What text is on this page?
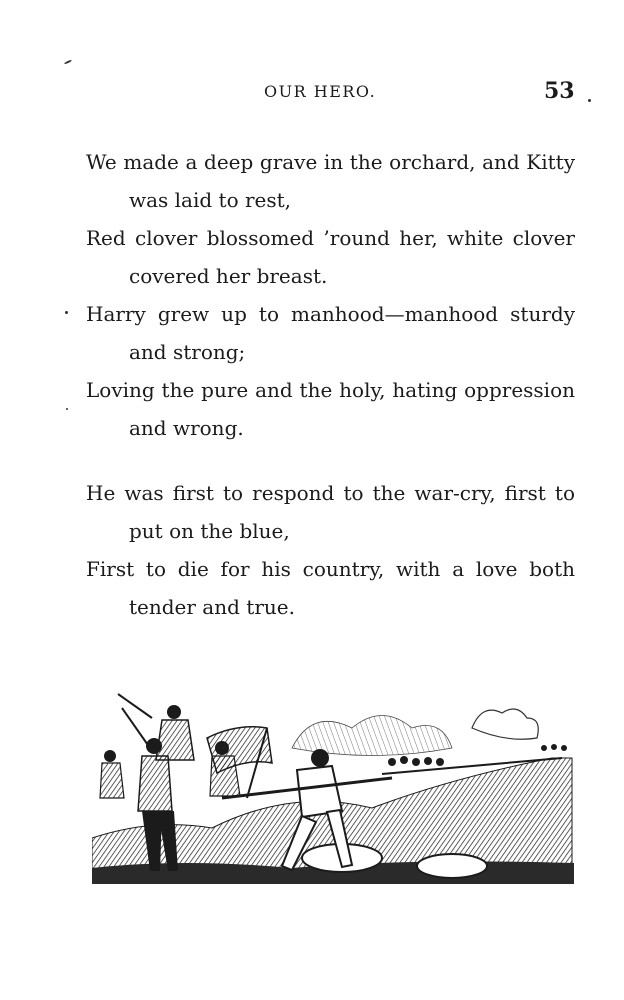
OUR HERO.	53
We made a deep grave in the orchard, and Kitty
was laid to rest,
Red clover blossomed ’round her, white clover
covered her breast.
Harry grew up to manhood—manhood sturdy
and strong;
Loving the pure and the holy, hating oppression
and wrong.
He was first to respond to the war-cry, first to
put on the blue,
First to die for his country, with a love both
tender and true.
